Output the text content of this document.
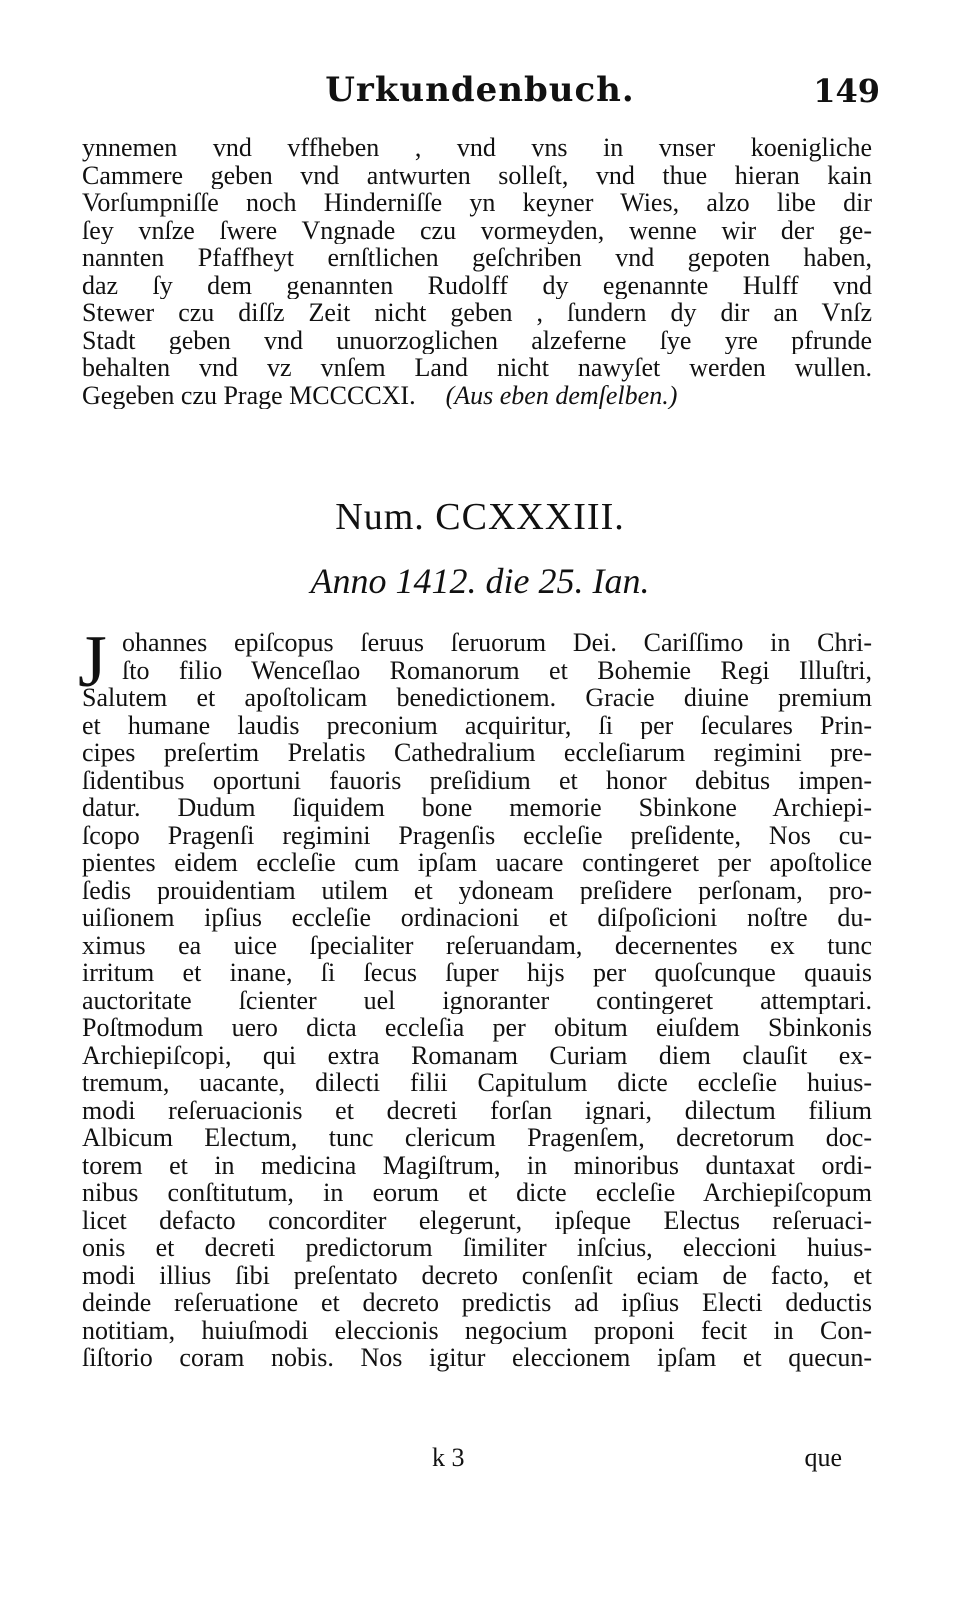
Urkundenbuch.	149
ynnemen vnd vffheben , vnd vns in vnser koenigliche
Cammere geben vnd antwurten solleſt, vnd thue hieran kain
Vorſumpniſſe noch Hinderniſſe yn keyner Wies, alzo libe dir
ſey vnſze ſwere Vngnade czu vormeyden, wenne wir der ge-
nannten Pfaffheyt ernſtlichen geſchriben vnd gepoten haben,
daz ſy dem genannten Rudolff dy egenannte Hulff vnd
Stewer czu diſſz Zeit nicht geben , ſundern dy dir an Vnſz
Stadt geben vnd unuorzoglichen alzeferne ſye yre pfrunde
behalten vnd vz vnſem Land nicht nawyſet werden wullen.
Gegeben czu Prage MCCCCXI. (Aus eben demſelben.)
Num. CCXXXIII.
Anno 1412. die 25. Ian.
J ohannes epiſcopus ſeruus ſeruorum Dei. Cariſſimo in Chri-
ſto filio Wenceſlao Romanorum et Bohemie Regi Illuſtri,
Salutem et apoſtolicam benedictionem. Gracie diuine premium
et humane laudis preconium acquiritur, ſi per ſeculares Prin-
cipes preſertim Prelatis Cathedralium eccleſiarum regimini pre-
ſidentibus oportuni fauoris preſidium et honor debitus impen-
datur. Dudum ſiquidem bone memorie Sbinkone Archiepi-
ſcopo Pragenſi regimini Pragenſis eccleſie preſidente, Nos cu-
pientes eidem eccleſie cum ipſam uacare contingeret per apoſtolice
ſedis prouidentiam utilem et ydoneam preſidere perſonam, pro-
uiſionem ipſius eccleſie ordinacioni et diſpoſicioni noſtre du-
ximus ea uice ſpecialiter reſeruandam, decernentes ex tunc
irritum et inane, ſi ſecus ſuper hijs per quoſcunque quauis
auctoritate ſcienter uel ignoranter contingeret attemptari.
Poſtmodum uero dicta eccleſia per obitum eiuſdem Sbinkonis
Archiepiſcopi, qui extra Romanam Curiam diem clauſit ex-
tremum, uacante, dilecti filii Capitulum dicte eccleſie huius-
modi reſeruacionis et decreti forſan ignari, dilectum filium
Albicum Electum, tunc clericum Pragenſem, decretorum doc-
torem et in medicina Magiſtrum, in minoribus duntaxat ordi-
nibus conſtitutum, in eorum et dicte eccleſie Archiepiſcopum
licet defacto concorditer elegerunt, ipſeque Electus reſeruaci-
onis et decreti predictorum ſimiliter inſcius, eleccioni huius-
modi illius ſibi preſentato decreto conſenſit eciam de facto, et
deinde reſeruatione et decreto predictis ad ipſius Electi deductis
notitiam, huiuſmodi eleccionis negocium proponi fecit in Con-
ſiſtorio coram nobis. Nos igitur eleccionem ipſam et quecun-
k 3	que
